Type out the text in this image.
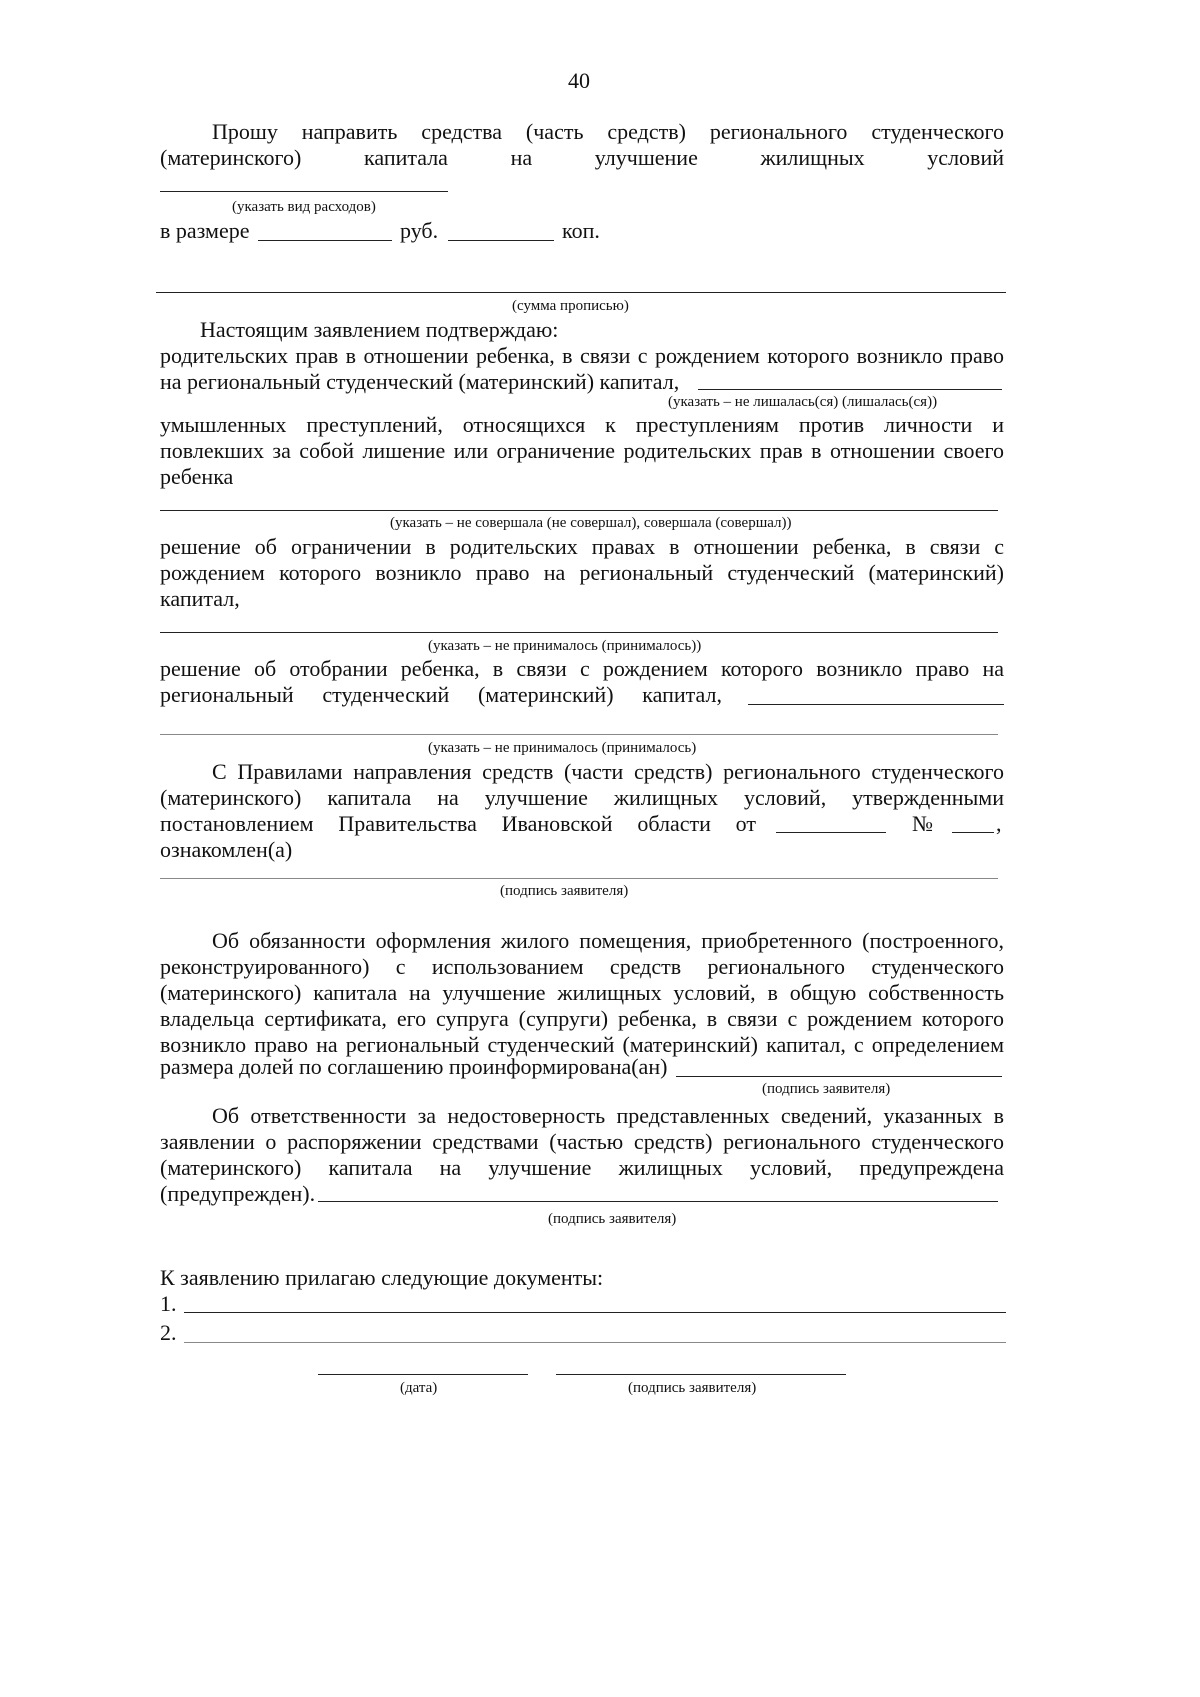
40
Прошу направить средства (часть средств) регионального студенческого
(материнского) капитала на улучшение жилищных условий
(указать вид расходов)
в размере	руб.	коп.
(сумма прописью)
Настоящим заявлением подтверждаю:
родительских прав в отношении ребенка, в связи с рождением которого возникло право
на региональный студенческий (материнский) капитал,
(указать – не лишалась(ся) (лишалась(ся))
умышленных преступлений, относящихся к преступлениям против личности и
повлекших за собой лишение или ограничение родительских прав в отношении своего
ребенка
(указать – не совершала (не совершал), совершала (совершал))
решение об ограничении в родительских правах в отношении ребенка, в связи с
рождением которого возникло право на региональный студенческий (материнский)
капитал,
(указать – не принималось (принималось))
решение об отобрании ребенка, в связи с рождением которого возникло право на
региональный студенческий (материнский) капитал,
(указать – не принималось (принималось)
С Правилами направления средств (части средств) регионального студенческого
(материнского) капитала на улучшение жилищных условий, утвержденными
постановлением Правительства Ивановской области от	№	,
ознакомлен(а)
(подпись заявителя)
Об обязанности оформления жилого помещения, приобретенного (построенного,
реконструированного) с использованием средств регионального студенческого
(материнского) капитала на улучшение жилищных условий, в общую собственность
владельца сертификата, его супруга (супруги) ребенка, в связи с рождением которого
возникло право на региональный студенческий (материнский) капитал, с определением
размера долей по соглашению проинформирована(ан)
(подпись заявителя)
Об ответственности за недостоверность представленных сведений, указанных в
заявлении о распоряжении средствами (частью средств) регионального студенческого
(материнского) капитала на улучшение жилищных условий, предупреждена
(предупрежден).
(подпись заявителя)
К заявлению прилагаю следующие документы:
1.
2.
(дата)	(подпись заявителя)
